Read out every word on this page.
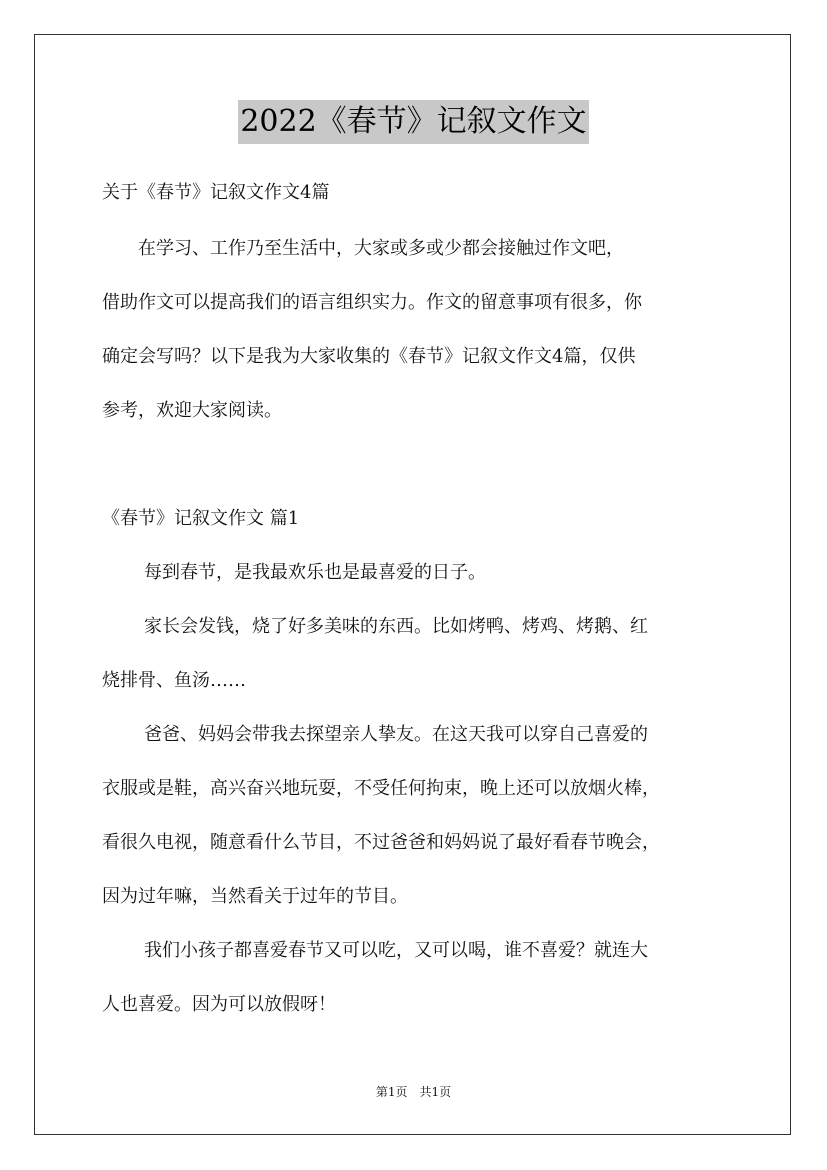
2022《春节》记叙文作文
关于《春节》记叙文作文4篇
　　在学习、工作乃至生活中，大家或多或少都会接触过作文吧，
借助作文可以提高我们的语言组织实力。作文的留意事项有很多，你
确定会写吗？以下是我为大家收集的《春节》记叙文作文4篇，仅供
参考，欢迎大家阅读。
《春节》记叙文作文 篇1
每到春节，是我最欢乐也是最喜爱的日子。
家长会发钱，烧了好多美味的东西。比如烤鸭、烤鸡、烤鹅、红
烧排骨、鱼汤……
爸爸、妈妈会带我去探望亲人挚友。在这天我可以穿自己喜爱的
衣服或是鞋，高兴奋兴地玩耍，不受任何拘束，晚上还可以放烟火棒，
看很久电视，随意看什么节目，不过爸爸和妈妈说了最好看春节晚会，
因为过年嘛，当然看关于过年的节目。
我们小孩子都喜爱春节又可以吃，又可以喝，谁不喜爱？就连大
人也喜爱。因为可以放假呀！
第1页　共1页
